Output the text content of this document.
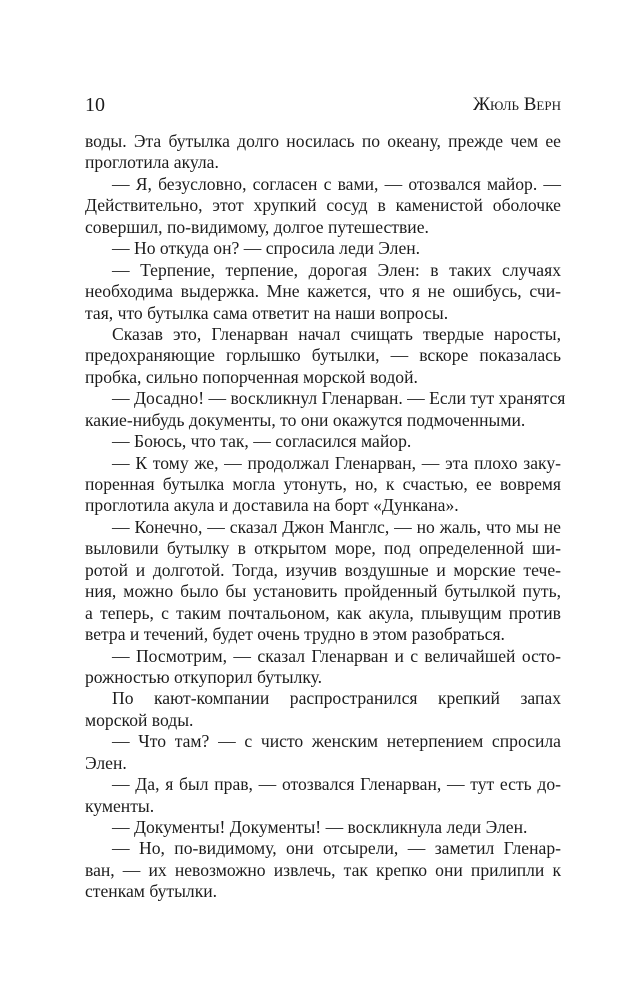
10	Жюль Верн
воды. Эта бутылка долго носилась по океану, прежде чем ее
проглотила акула.
— Я, безусловно, согласен с вами, — отозвался майор. —
Действительно, этот хрупкий сосуд в каменистой оболочке
совершил, по-видимому, долгое путешествие.
— Но откуда он? — спросила леди Элен.
— Терпение, терпение, дорогая Элен: в таких случаях
необходима выдержка. Мне кажется, что я не ошибусь, счи-
тая, что бутылка сама ответит на наши вопросы.
Сказав это, Гленарван начал счищать твердые наросты,
предохраняющие горлышко бутылки, — вскоре показалась
пробка, сильно попорченная морской водой.
— Досадно! — воскликнул Гленарван. — Если тут хранятся
какие-нибудь документы, то они окажутся подмоченными.
— Боюсь, что так, — согласился майор.
— К тому же, — продолжал Гленарван, — эта плохо заку-
поренная бутылка могла утонуть, но, к счастью, ее вовремя
проглотила акула и доставила на борт «Дункана».
— Конечно, — сказал Джон Манглс, — но жаль, что мы не
выловили бутылку в открытом море, под определенной ши-
ротой и долготой. Тогда, изучив воздушные и морские тече-
ния, можно было бы установить пройденный бутылкой путь,
а теперь, с таким почтальоном, как акула, плывущим против
ветра и течений, будет очень трудно в этом разобраться.
— Посмотрим, — сказал Гленарван и с величайшей осто-
рожностью откупорил бутылку.
По кают-компании распространился крепкий запах
морской воды.
— Что там? — с чисто женским нетерпением спросила
Элен.
— Да, я был прав, — отозвался Гленарван, — тут есть до-
кументы.
— Документы! Документы! — воскликнула леди Элен.
— Но, по-видимому, они отсырели, — заметил Гленар-
ван, — их невозможно извлечь, так крепко они прилипли к
стенкам бутылки.
